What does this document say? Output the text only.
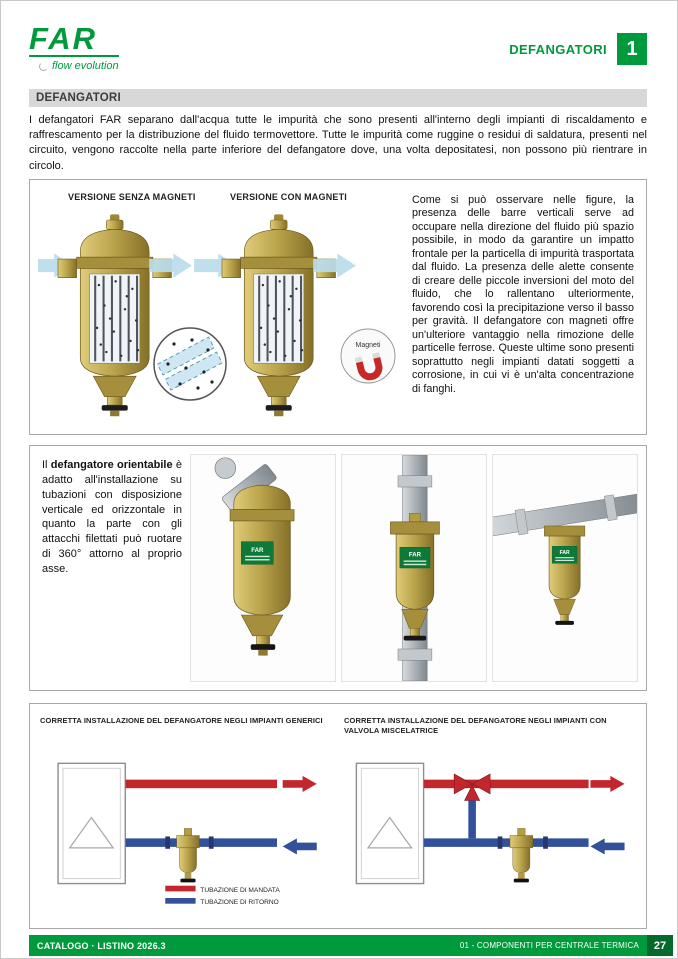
FAR
flow evolution
DEFANGATORI 1
DEFANGATORI

I defangatori FAR separano dall'acqua tutte le impurità che sono presenti all'interno degli impianti di riscaldamento e raffrescamento per la distribuzione del fluido termovettore. Tutte le impurità come ruggine o residui di saldatura, presenti nel circuito, vengono raccolte nella parte inferiore del defangatore dove, una volta depositatesi, non possono più rientrare in circolo.

VERSIONE SENZA MAGNETI	VERSIONE CON MAGNETI
Magneti

Come si può osservare nelle figure, la presenza delle barre verticali serve ad occupare nella direzione del fluido più spazio possibile, in modo da garantire un impatto frontale per la particella di impurità trasportata dal fluido. La presenza delle alette consente di creare delle piccole inversioni del moto del fluido, che lo rallentano ulteriormente, favorendo così la precipitazione verso il basso per gravità. Il defangatore con magneti offre un'ulteriore vantaggio nella rimozione delle particelle ferrose. Queste ultime sono presenti soprattutto negli impianti datati soggetti a corrosione, in cui vi è un'alta concentrazione di fanghi.

Il defangatore orientabile è adatto all'installazione su tubazioni con disposizione verticale ed orizzontale in quanto la parte con gli attacchi filettati può ruotare di 360° attorno al proprio asse.

FAR
FAR	FAR
CORRETTA INSTALLAZIONE DEL DEFANGATORE NEGLI IMPIANTI GENERICI
TUBAZIONE DI MANDATA
TUBAZIONE DI RITORNO
CORRETTA INSTALLAZIONE DEL DEFANGATORE NEGLI IMPIANTI CON VALVOLA MISCELATRICE
CATALOGO · LISTINO 2026.3	01 - COMPONENTI PER CENTRALE TERMICA	27
